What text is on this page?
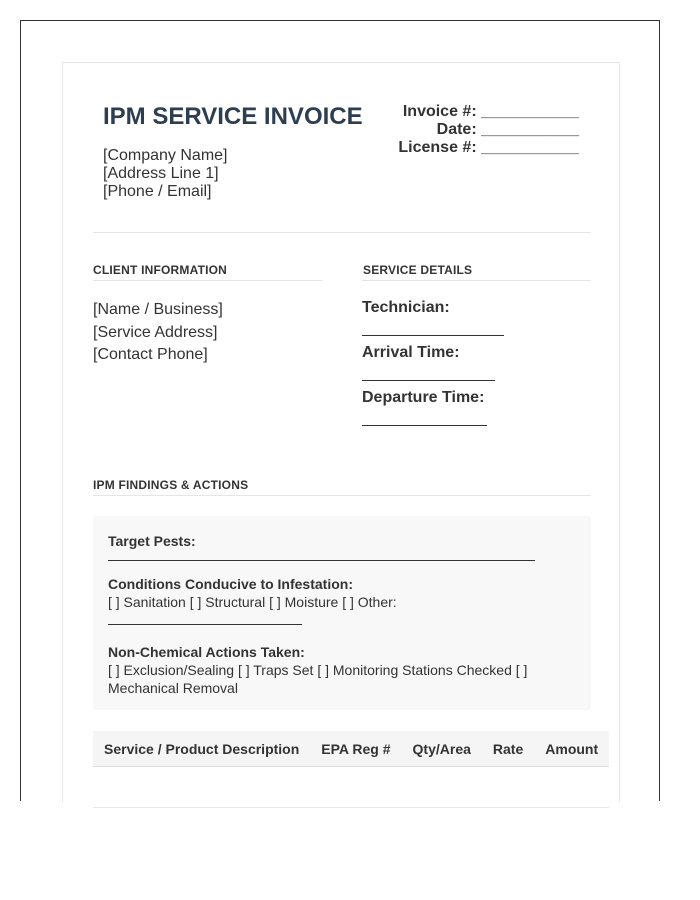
IPM SERVICE INVOICE
[Company Name]
[Address Line 1]
[Phone / Email]
Invoice #: ___________
Date: ___________
License #: ___________
CLIENT INFORMATION
[Name / Business]
[Service Address]
[Contact Phone]
SERVICE DETAILS
Technician:
Arrival Time:
Departure Time:
IPM FINDINGS & ACTIONS
Target Pests:
Conditions Conducive to Infestation:
[ ] Sanitation [ ] Structural [ ] Moisture [ ] Other:
Non-Chemical Actions Taken:
[ ] Exclusion/Sealing [ ] Traps Set [ ] Monitoring Stations Checked [ ] Mechanical Removal
Service / Product Description	EPA Reg #	Qty/Area	Rate	Amount
